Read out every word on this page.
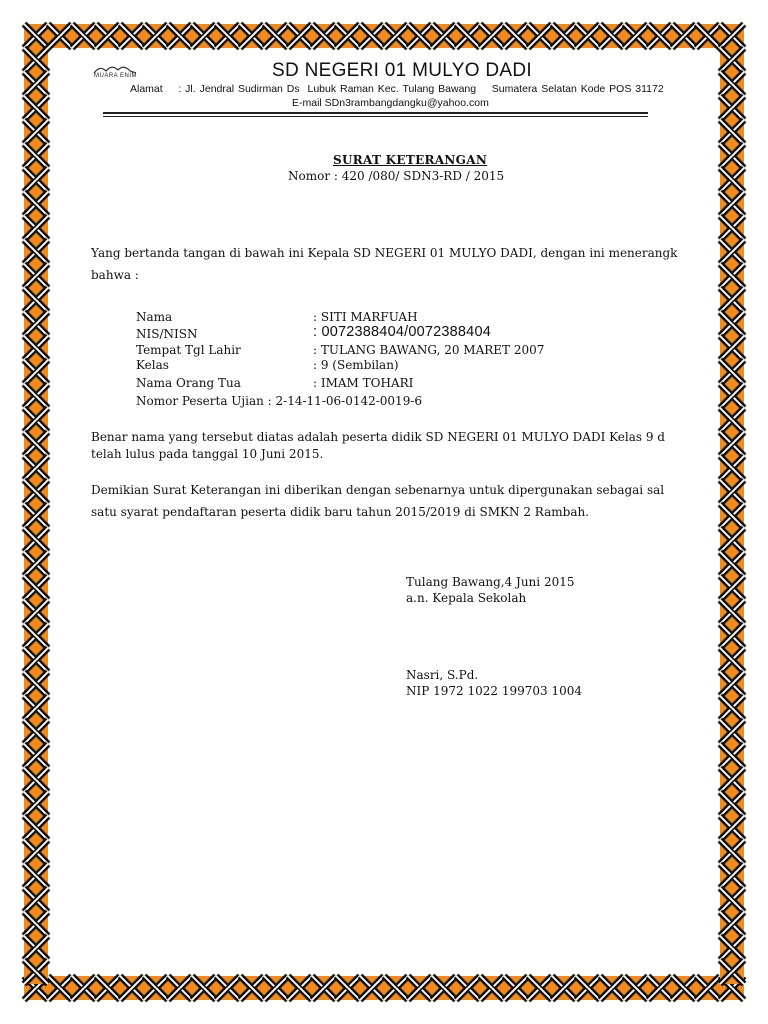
MUARA ENIM	SD NEGERI 01 MULYO DADI
Alamat    : Jl. Jendral Sudirman Ds  Lubuk Raman Kec. Tulang Bawang    Sumatera Selatan Kode POS 31172
E-mail SDn3rambangdangku@yahoo.com
SURAT KETERANGAN
Nomor : 420 /080/ SDN3-RD / 2015
Yang bertanda tangan di bawah ini Kepala SD NEGERI 01 MULYO DADI, dengan ini menerangk
bahwa :
Nama	: SITI MARFUAH
NIS/NISN	: 0072388404/0072388404
Tempat Tgl Lahir	: TULANG BAWANG, 20 MARET 2007
Kelas	: 9 (Sembilan)
Nama Orang Tua	: IMAM TOHARI
Nomor Peserta Ujian : 2-14-11-06-0142-0019-6
Benar nama yang tersebut diatas adalah peserta didik SD NEGERI 01 MULYO DADI Kelas 9 d
telah lulus pada tanggal 10 Juni 2015.
Demikian Surat Keterangan ini diberikan dengan sebenarnya untuk dipergunakan sebagai sal
satu syarat pendaftaran peserta didik baru tahun 2015/2019 di SMKN 2 Rambah.
Tulang Bawang,4 Juni 2015
a.n. Kepala Sekolah
Nasri, S.Pd.
NIP 1972 1022 199703 1004
